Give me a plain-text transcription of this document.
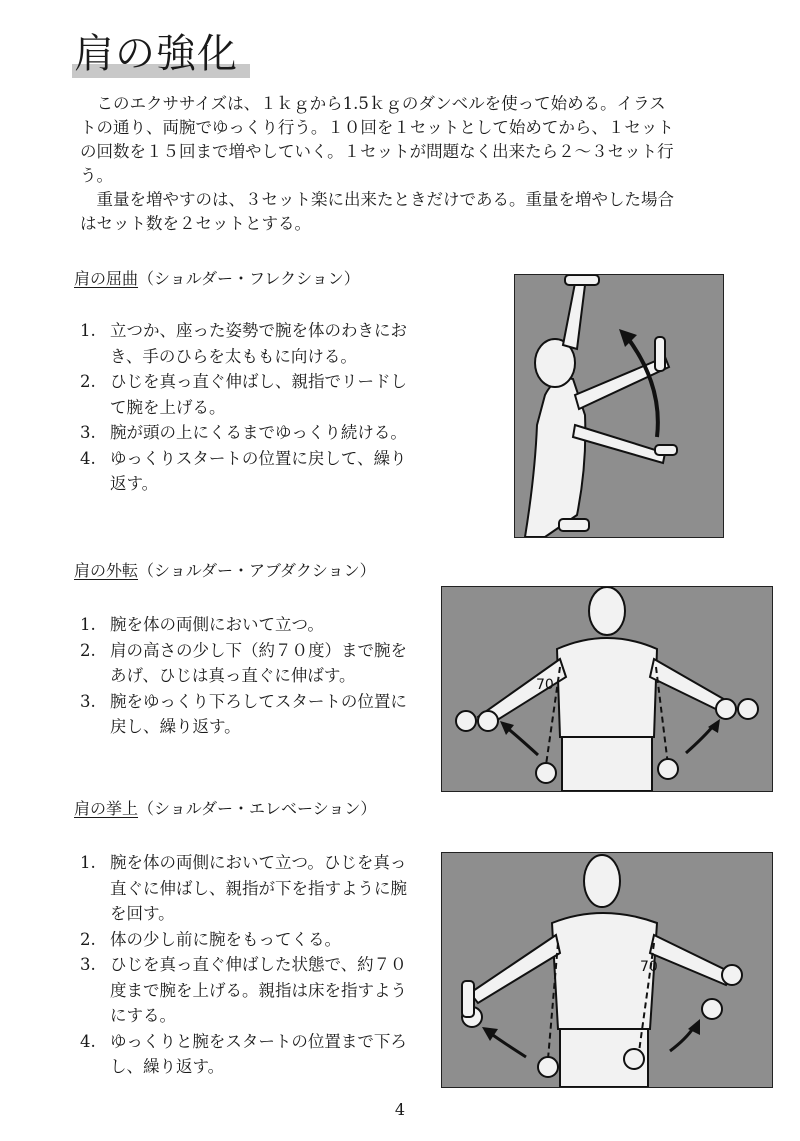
肩の強化

このエクササイズは、１ｋｇから1.5ｋｇのダンベルを使って始める。イラストの通り、両腕でゆっくり行う。１０回を１セットとして始めてから、１セットの回数を１５回まで増やしていく。１セットが問題なく出来たら２～３セット行う。

重量を増やすのは、３セット楽に出来たときだけである。重量を増やした場合はセット数を２セットとする。

肩の屈曲（ショルダー・フレクション）
1. 立つか、座った姿勢で腕を体のわきにおき、手のひらを太ももに向ける。
2. ひじを真っ直ぐ伸ばし、親指でリードして腕を上げる。
3. 腕が頭の上にくるまでゆっくり続ける。
4. ゆっくりスタートの位置に戻して、繰り返す。
肩の外転（ショルダー・アブダクション）
1. 腕を体の両側において立つ。
2. 肩の高さの少し下（約７０度）まで腕をあげ、ひじは真っ直ぐに伸ばす。
3. 腕をゆっくり下ろしてスタートの位置に戻し、繰り返す。
70
肩の挙上（ショルダー・エレベーション）
1. 腕を体の両側において立つ。ひじを真っ直ぐに伸ばし、親指が下を指すように腕を回す。
2. 体の少し前に腕をもってくる。
3. ひじを真っ直ぐ伸ばした状態で、約７０度まで腕を上げる。親指は床を指すようにする。
4. ゆっくりと腕をスタートの位置まで下ろし、繰り返す。
70
4
